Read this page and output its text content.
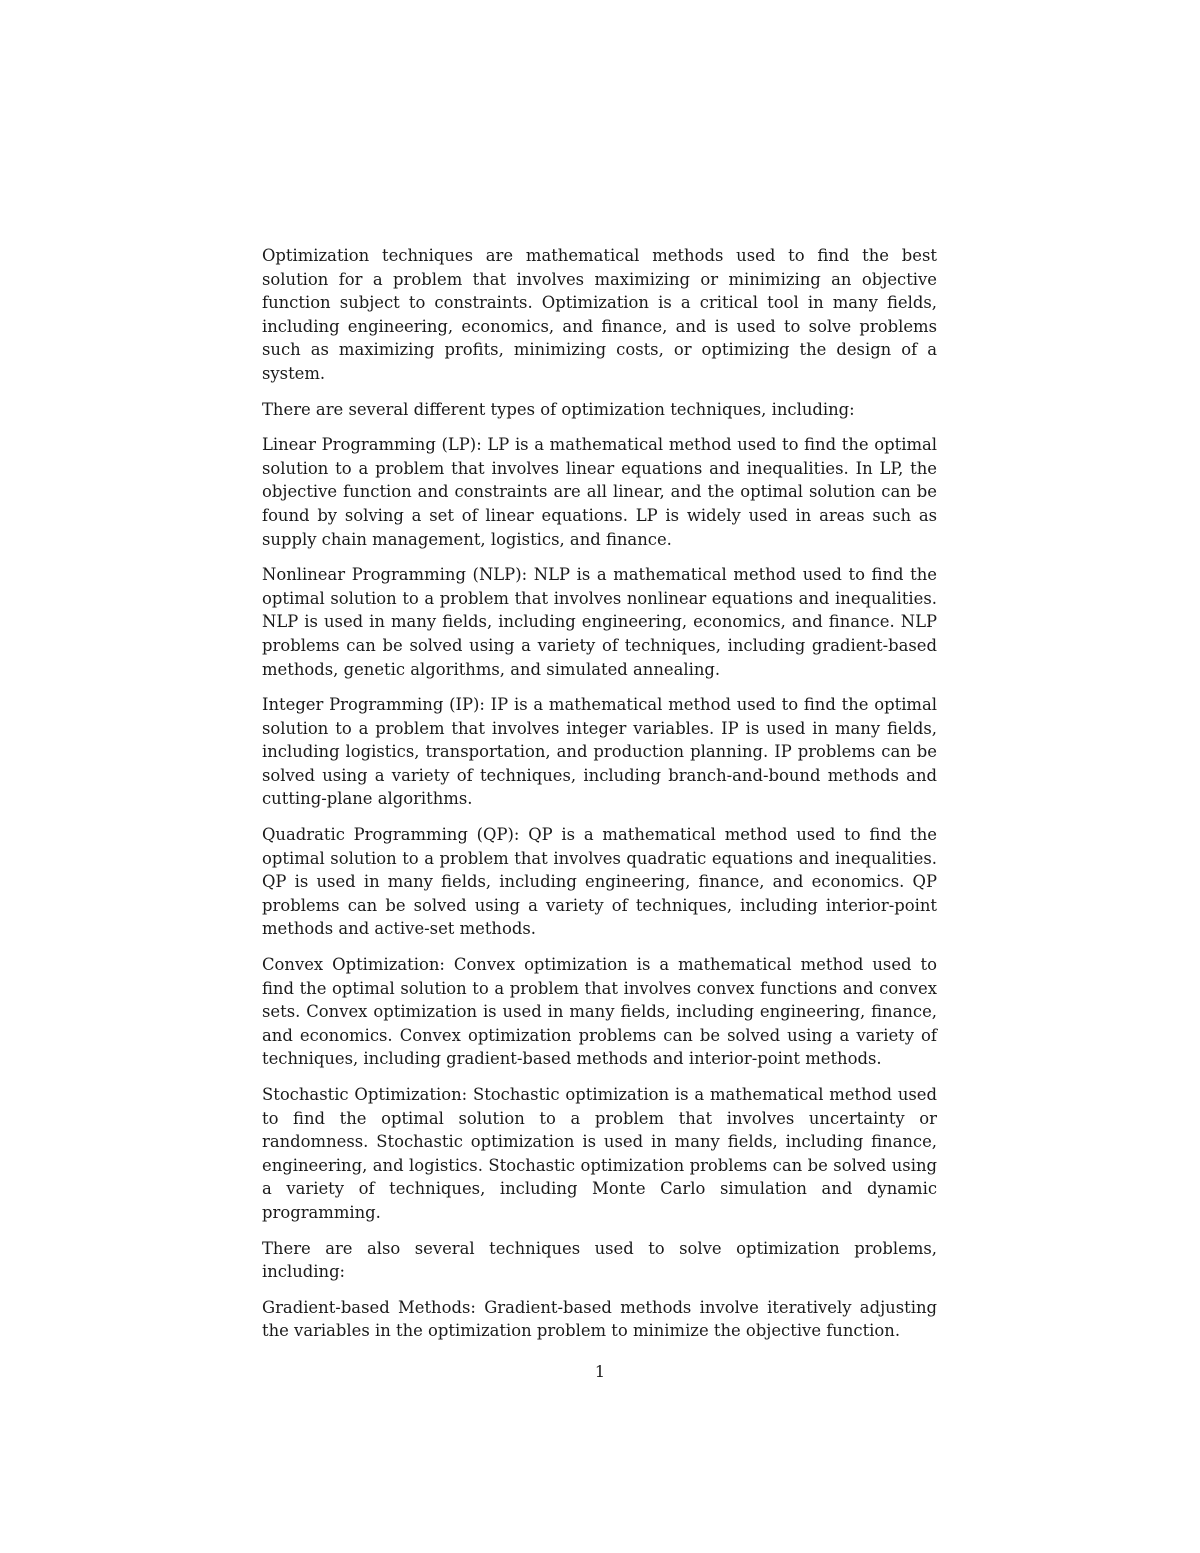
Optimization techniques are mathematical methods used to find the best solution for a problem that involves maximizing or minimizing an objective function subject to constraints. Optimization is a critical tool in many fields, including engineering, economics, and finance, and is used to solve problems such as maximizing profits, minimizing costs, or optimizing the design of a system.

There are several different types of optimization techniques, including:

Linear Programming (LP): LP is a mathematical method used to find the optimal solution to a problem that involves linear equations and inequalities. In LP, the objective function and constraints are all linear, and the optimal solution can be found by solving a set of linear equations. LP is widely used in areas such as supply chain management, logistics, and finance.

Nonlinear Programming (NLP): NLP is a mathematical method used to find the optimal solution to a problem that involves nonlinear equations and inequalities. NLP is used in many fields, including engineering, economics, and finance. NLP problems can be solved using a variety of techniques, including gradient-based methods, genetic algorithms, and simulated annealing.

Integer Programming (IP): IP is a mathematical method used to find the optimal solution to a problem that involves integer variables. IP is used in many fields, including logistics, transportation, and production planning. IP problems can be solved using a variety of techniques, including branch-and-bound methods and cutting-plane algorithms.

Quadratic Programming (QP): QP is a mathematical method used to find the optimal solution to a problem that involves quadratic equations and inequalities. QP is used in many fields, including engineering, finance, and economics. QP problems can be solved using a variety of techniques, including interior-point methods and active-set methods.

Convex Optimization: Convex optimization is a mathematical method used to find the optimal solution to a problem that involves convex functions and convex sets. Convex optimization is used in many fields, including engineering, finance, and economics. Convex optimization problems can be solved using a variety of techniques, including gradient-based methods and interior-point methods.

Stochastic Optimization: Stochastic optimization is a mathematical method used to find the optimal solution to a problem that involves uncertainty or randomness. Stochastic optimization is used in many fields, including finance, engineering, and logistics. Stochastic optimization problems can be solved using a variety of techniques, including Monte Carlo simulation and dynamic programming.

There are also several techniques used to solve optimization problems, including:

Gradient-based Methods: Gradient-based methods involve iteratively adjusting the variables in the optimization problem to minimize the objective function.

1
